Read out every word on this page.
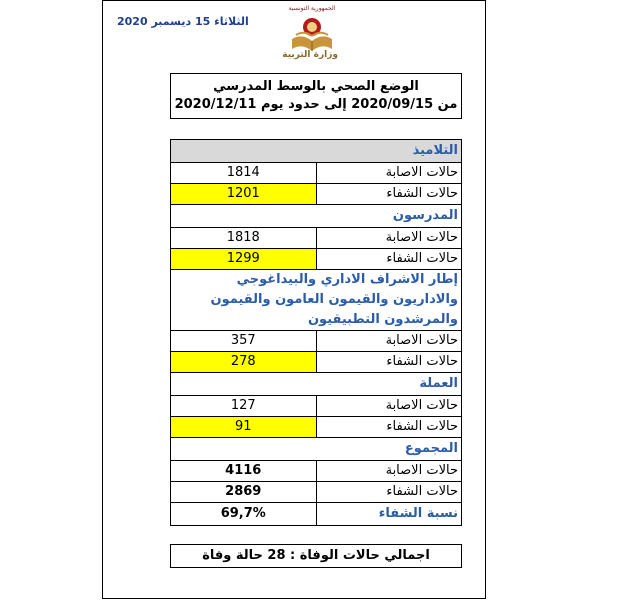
الثلاثاء 15 ديسمبر 2020
الجمهورية التونسية
وزارة التربية
الوضع الصحي بالوسط المدرسي
من 2020/09/15 إلى حدود يوم 2020/12/11
التلاميذ	
حالات الاصابة	1814
حالات الشفاء	1201
المدرسون	
حالات الاصابة	1818
حالات الشفاء	1299
إطار الاشراف الاداري والبيداغوجي والاداريون والقيمون العامون والقيمون والمرشدون التطبيقيون	
حالات الاصابة	357
حالات الشفاء	278
العملة	
حالات الاصابة	127
حالات الشفاء	91
المجموع	
حالات الاصابة	4116
حالات الشفاء	2869
نسبة الشفاء	69,7%
اجمالي حالات الوفاة : 28 حالة وفاة
